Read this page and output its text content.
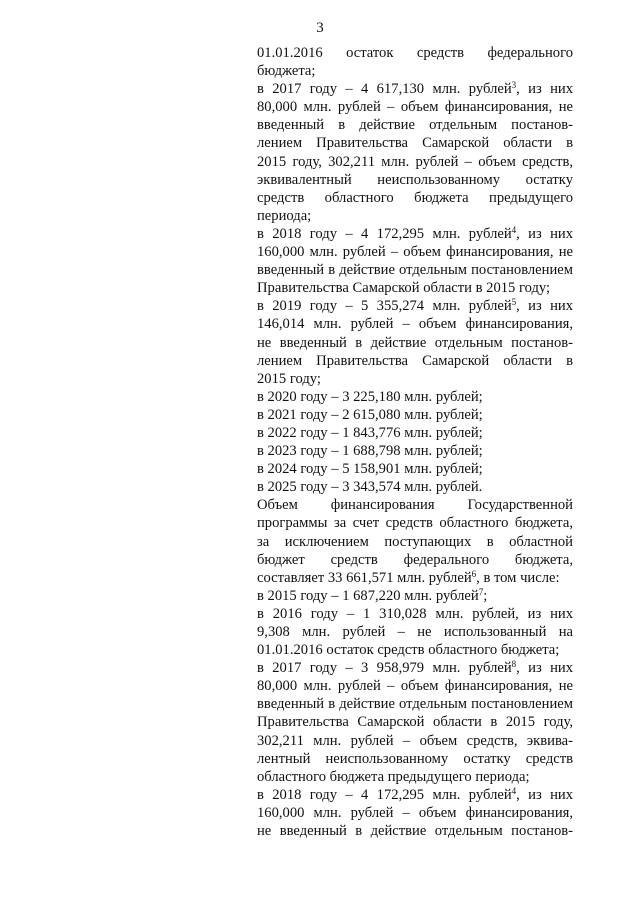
3
01.01.2016 остаток средств федерального
бюджета;
в 2017 году – 4 617,130 млн. рублей$^3$, из них
80,000 млн. рублей – объем финансирования, не
введенный в действие отдельным постанов-
лением Правительства Самарской области в
2015 году, 302,211 млн. рублей – объем средств,
эквивалентный неиспользованному остатку
средств областного бюджета предыдущего
периода;
в 2018 году – 4 172,295 млн. рублей$^4$, из них
160,000 млн. рублей – объем финансирования, не
введенный в действие отдельным постановлением
Правительства Самарской области в 2015 году;
в 2019 году – 5 355,274 млн. рублей$^5$, из них
146,014 млн. рублей – объем финансирования,
не введенный в действие отдельным постанов-
лением Правительства Самарской области в
2015 году;
в 2020 году – 3 225,180 млн. рублей;
в 2021 году – 2 615,080 млн. рублей;
в 2022 году – 1 843,776 млн. рублей;
в 2023 году – 1 688,798 млн. рублей;
в 2024 году – 5 158,901 млн. рублей;
в 2025 году – 3 343,574 млн. рублей.
Объем финансирования Государственной
программы за счет средств областного бюджета,
за исключением поступающих в областной
бюджет средств федерального бюджета,
составляет 33 661,571 млн. рублей$^6$, в том числе:
в 2015 году – 1 687,220 млн. рублей$^7$;
в 2016 году – 1 310,028 млн. рублей, из них
9,308 млн. рублей – не использованный на
01.01.2016 остаток средств областного бюджета;
в 2017 году – 3 958,979 млн. рублей$^8$, из них
80,000 млн. рублей – объем финансирования, не
введенный в действие отдельным постановлением
Правительства Самарской области в 2015 году,
302,211 млн. рублей – объем средств, эквива-
лентный неиспользованному остатку средств
областного бюджета предыдущего периода;
в 2018 году – 4 172,295 млн. рублей$^4$, из них
160,000 млн. рублей – объем финансирования,
не введенный в действие отдельным постанов-
